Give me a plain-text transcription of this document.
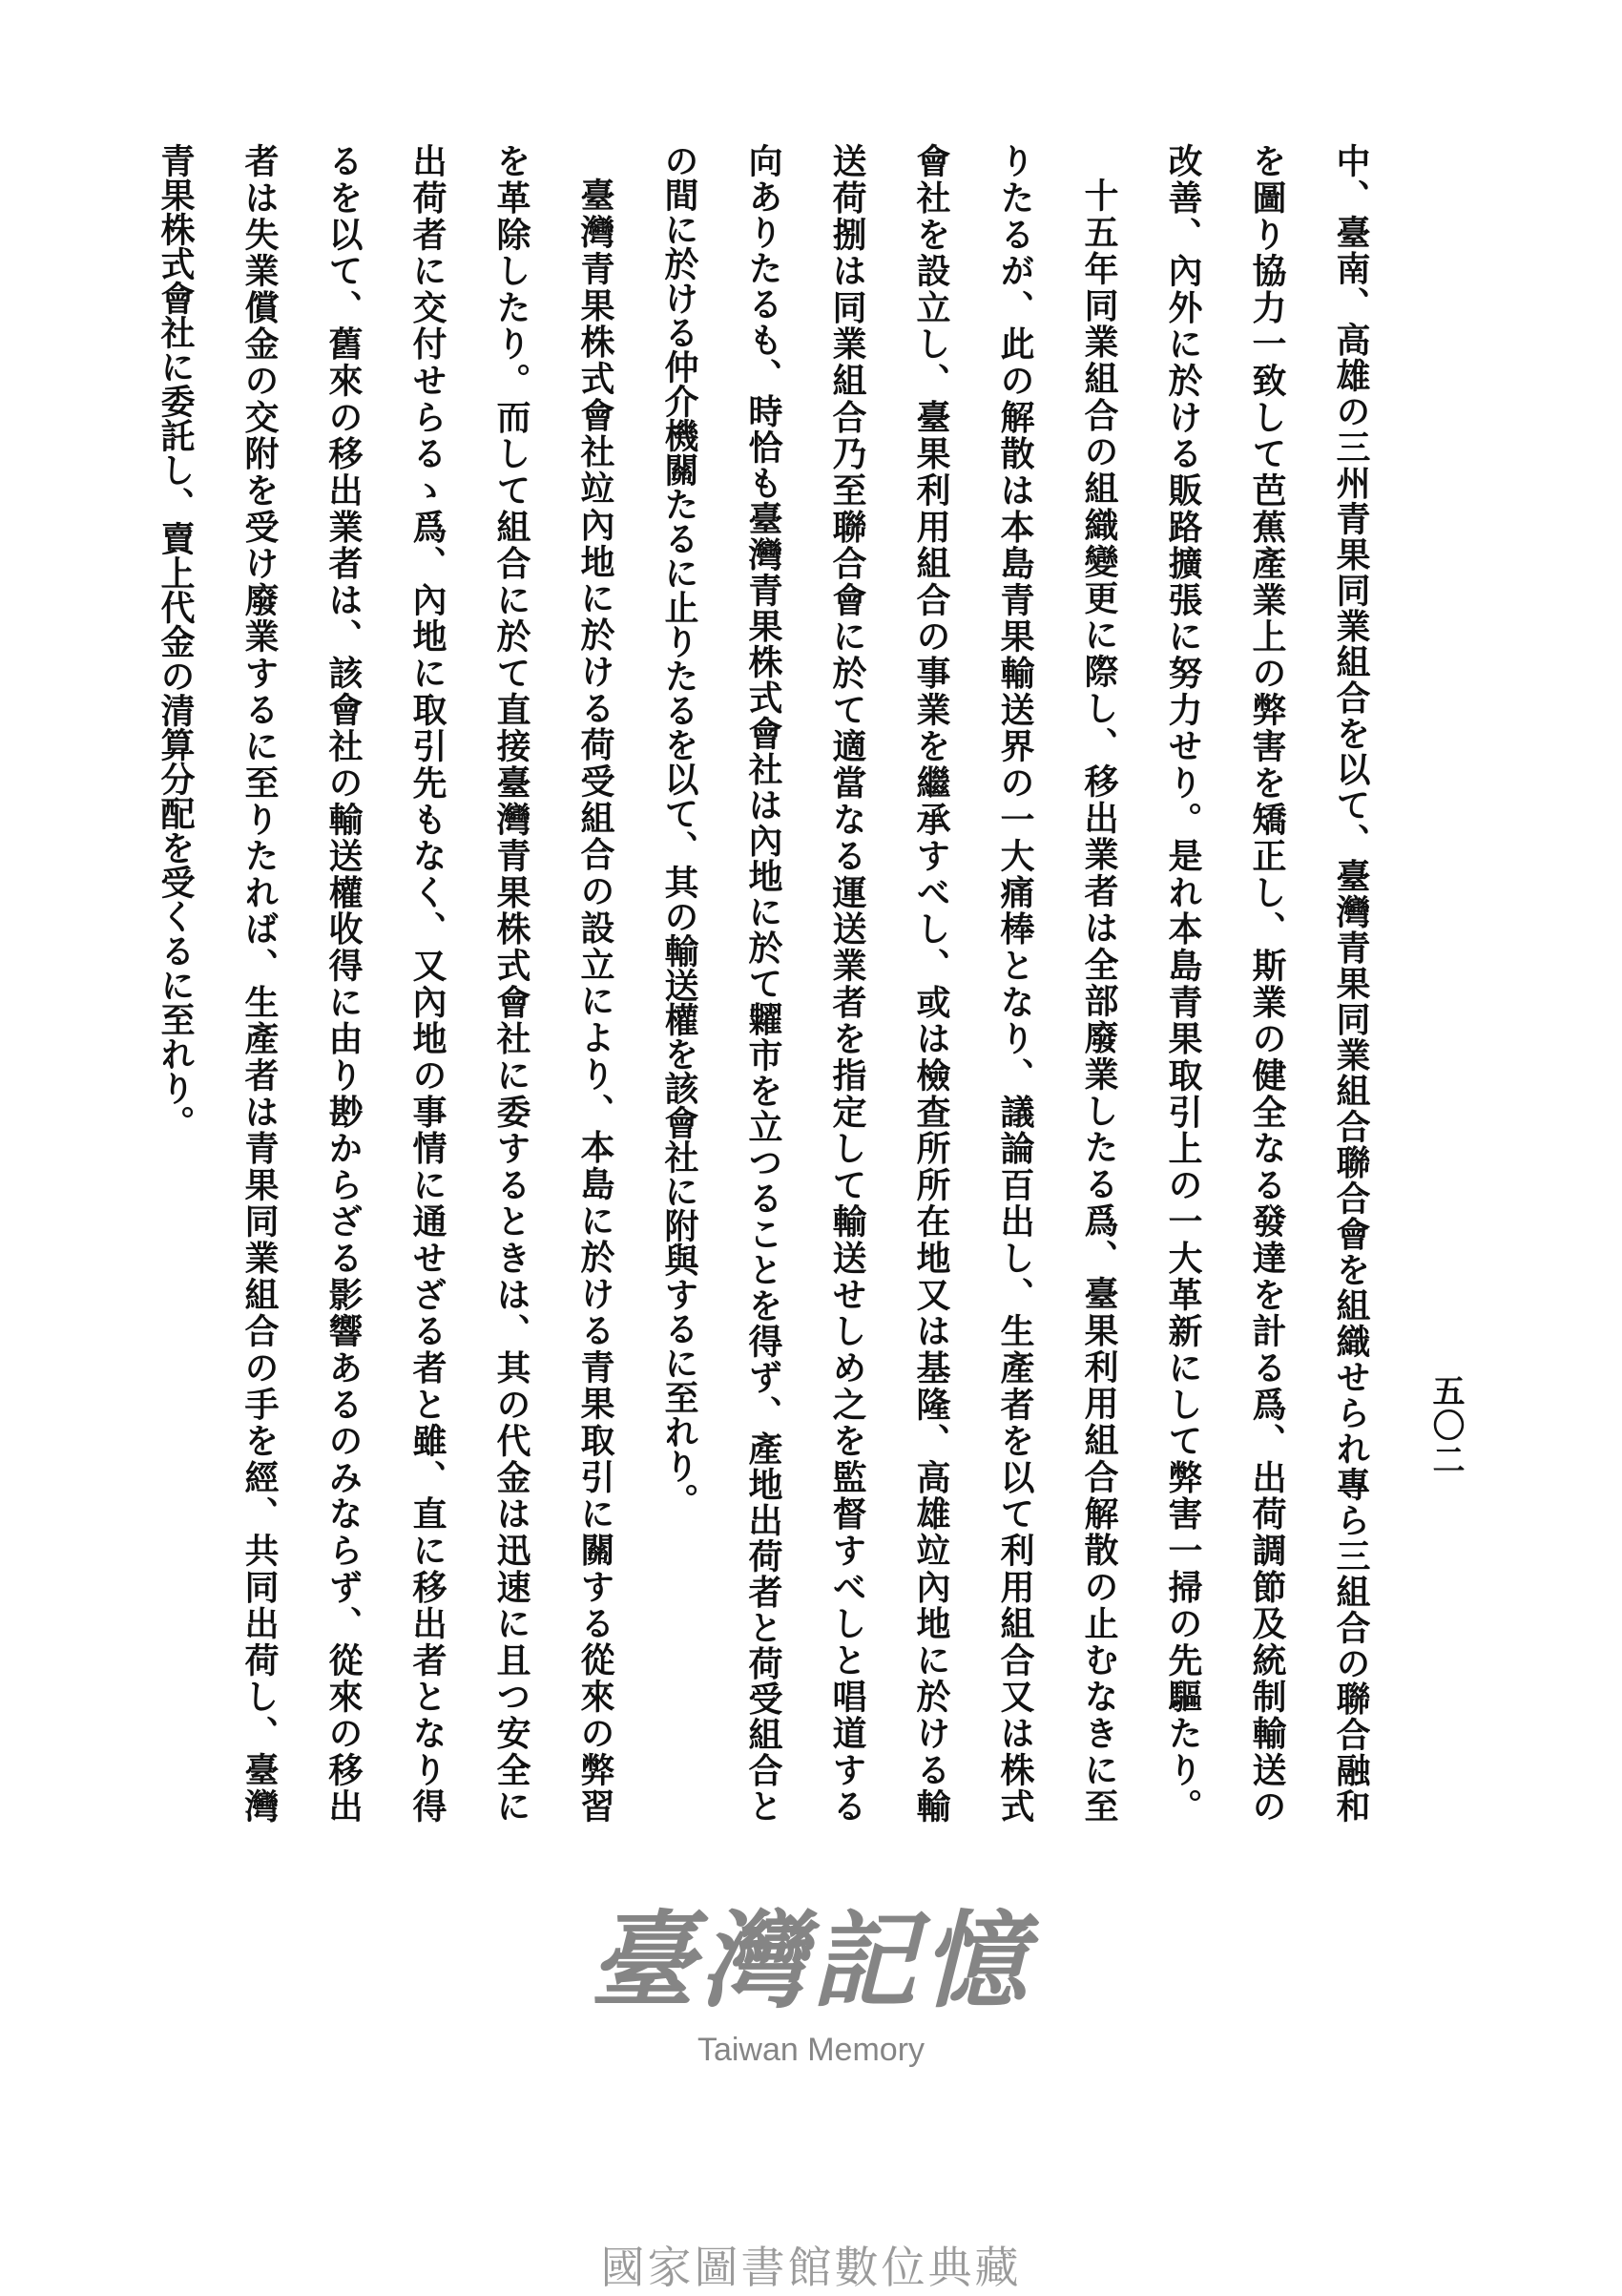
五〇二
中、臺南、高雄の三州青果同業組合を以て、臺灣青果同業組合聯合會を組織せられ專ら三組合の聯合融和
を圖り協力一致して芭蕉產業上の弊害を矯正し、斯業の健全なる發達を計る爲、出荷調節及統制輸送の
改善、內外に於ける販路擴張に努力せり。是れ本島青果取引上の一大革新にして弊害一掃の先驅たり。
十五年同業組合の組織變更に際し、移出業者は全部廢業したる爲、臺果利用組合解散の止むなきに至
りたるが、此の解散は本島青果輸送界の一大痛棒となり、議論百出し、生產者を以て利用組合又は株式
會社を設立し、臺果利用組合の事業を繼承すべし、或は檢查所所在地又は基隆、高雄竝內地に於ける輸
送荷捌は同業組合乃至聯合會に於て適當なる運送業者を指定して輸送せしめ之を監督すべしと唱道する
向ありたるも、時恰も臺灣青果株式會社は內地に於て糶市を立つることを得ず、產地出荷者と荷受組合と
の間に於ける仲介機關たるに止りたるを以て、其の輸送權を該會社に附與するに至れり。
臺灣青果株式會社竝內地に於ける荷受組合の設立により、本島に於ける青果取引に關する從來の弊習
を革除したり。而して組合に於て直接臺灣青果株式會社に委するときは、其の代金は迅速に且つ安全に
出荷者に交付せらるゝ爲、內地に取引先もなく、又內地の事情に通せざる者と雖、直に移出者となり得
るを以て、舊來の移出業者は、該會社の輸送權收得に由り尠からざる影響あるのみならず、從來の移出
者は失業償金の交附を受け廢業するに至りたれば、生產者は青果同業組合の手を經、共同出荷し、臺灣
青果株式會社に委託し、賣上代金の清算分配を受くるに至れり。
臺灣記憶
Taiwan Memory
國家圖書館數位典藏
